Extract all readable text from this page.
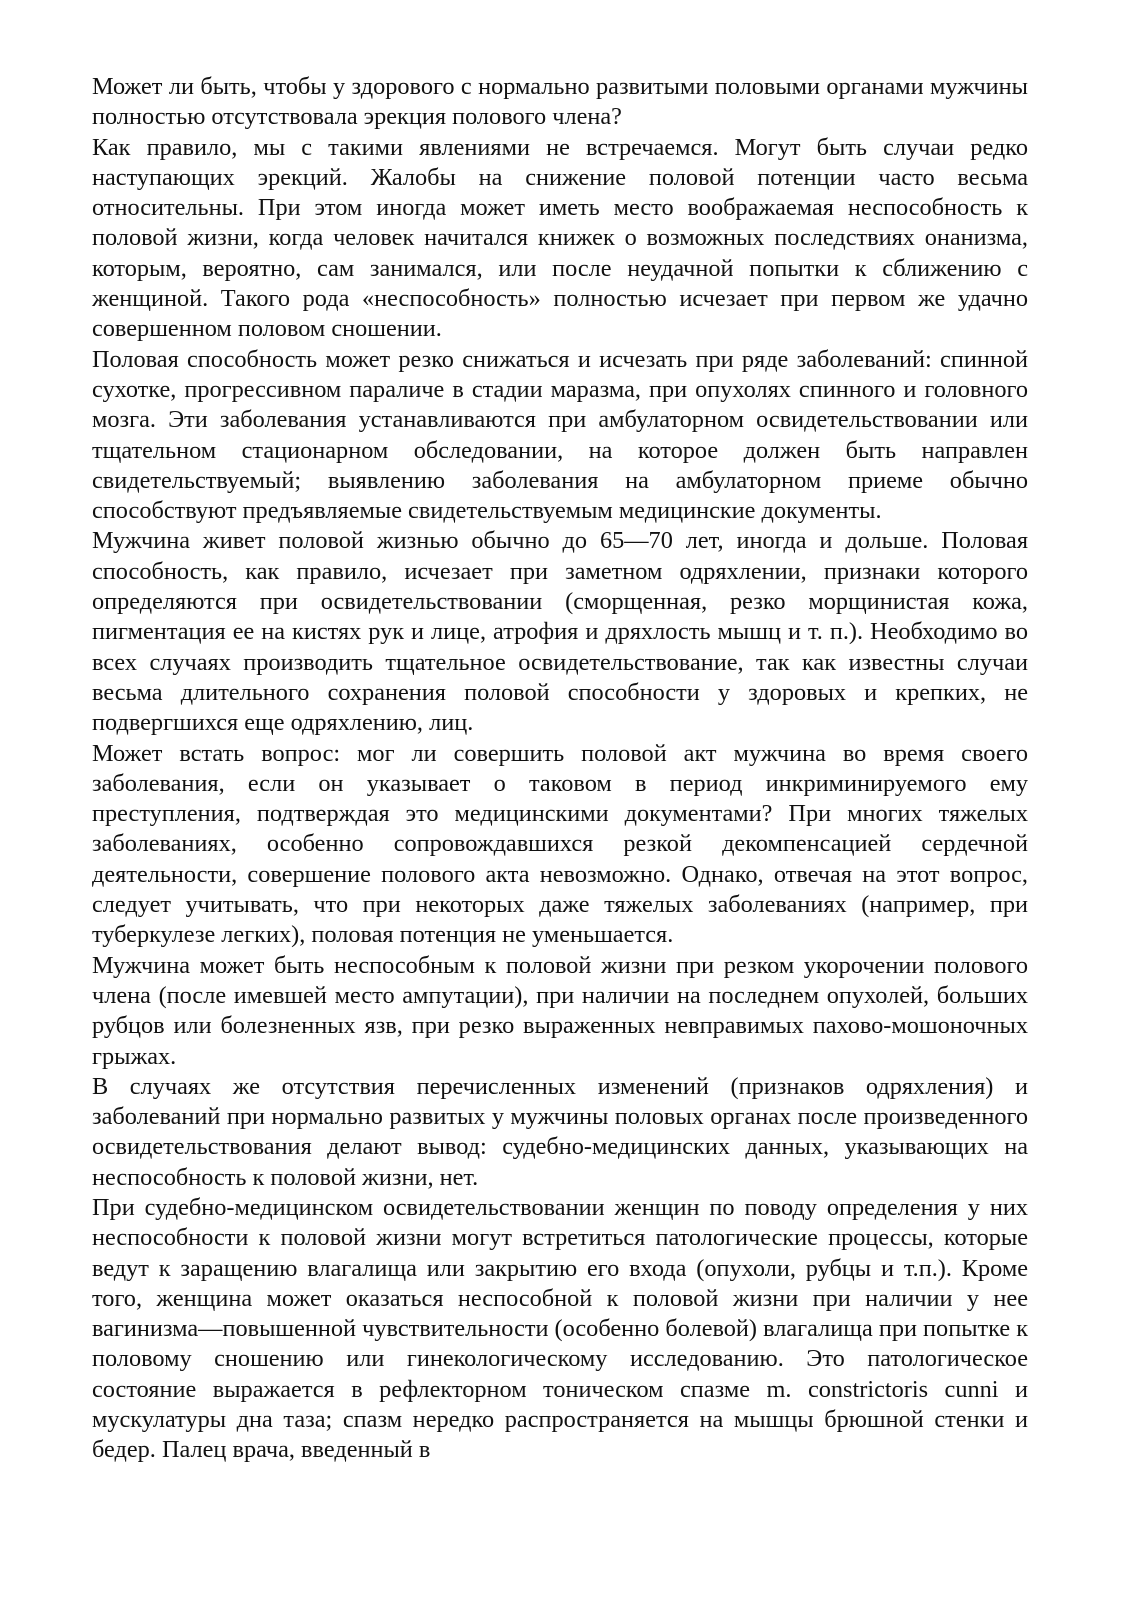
Может ли быть, чтобы у здорового с нормально развитыми половыми органами мужчины полностью отсутствовала эрекция полового члена?

Как правило, мы с такими явлениями не встречаемся. Могут быть случаи редко наступающих эрекций. Жалобы на снижение половой потенции часто весьма относительны. При этом иногда может иметь место воображаемая неспособность к половой жизни, когда человек начитался книжек о возможных последствиях онанизма, которым, вероятно, сам занимался, или после неудачной попытки к сближению с женщиной. Такого рода «неспособность» полностью исчезает при первом же удачно совершенном половом сношении.

Половая способность может резко снижаться и исчезать при ряде заболеваний: спинной сухотке, прогрессивном параличе в стадии маразма, при опухолях спинного и головного мозга. Эти заболевания устанавливаются при амбулаторном освидетельствовании или тщательном стационарном обследовании, на которое должен быть направлен свидетельствуемый; выявлению заболевания на амбулаторном приеме обычно способствуют предъявляемые свидетельствуемым медицинские документы.

Мужчина живет половой жизнью обычно до 65—70 лет, иногда и дольше. Половая способность, как правило, исчезает при заметном одряхлении, признаки которого определяются при освидетельствовании (сморщенная, резко морщинистая кожа, пигментация ее на кистях рук и лице, атрофия и дряхлость мышц и т. п.). Необходимо во всех случаях производить тщательное освидетельствование, так как известны случаи весьма длительного сохранения половой способности у здоровых и крепких, не подвергшихся еще одряхлению, лиц.

Может встать вопрос: мог ли совершить половой акт мужчина во время своего заболевания, если он указывает о таковом в период инкриминируемого ему преступления, подтверждая это медицинскими документами? При многих тяжелых заболеваниях, особенно сопровождавшихся резкой декомпенсацией сердечной деятельности, совершение полового акта невозможно. Однако, отвечая на этот вопрос, следует учитывать, что при некоторых даже тяжелых заболеваниях (например, при туберкулезе легких), половая потенция не уменьшается.

Мужчина может быть неспособным к половой жизни при резком укорочении полового члена (после имевшей место ампутации), при наличии на последнем опухолей, больших рубцов или болезненных язв, при резко выраженных невправимых пахово-мошоночных грыжах.

В случаях же отсутствия перечисленных изменений (признаков одряхления) и заболеваний при нормально развитых у мужчины половых органах после произведенного освидетельствования делают вывод: судебно-медицинских данных, указывающих на неспособность к половой жизни, нет.

При судебно-медицинском освидетельствовании женщин по поводу определения у них неспособности к половой жизни могут встретиться патологические процессы, которые ведут к заращению влагалища или закрытию его входа (опухоли, рубцы и т.п.). Кроме того, женщина может оказаться неспособной к половой жизни при наличии у нее вагинизма—повышенной чувствительности (особенно болевой) влагалища при попытке к половому сношению или гинекологическому исследованию. Это патологическое состояние выражается в рефлекторном тоническом спазме m. constrictoris cunni и мускулатуры дна таза; спазм нередко распространяется на мышцы брюшной стенки и бедер. Палец врача, введенный в
